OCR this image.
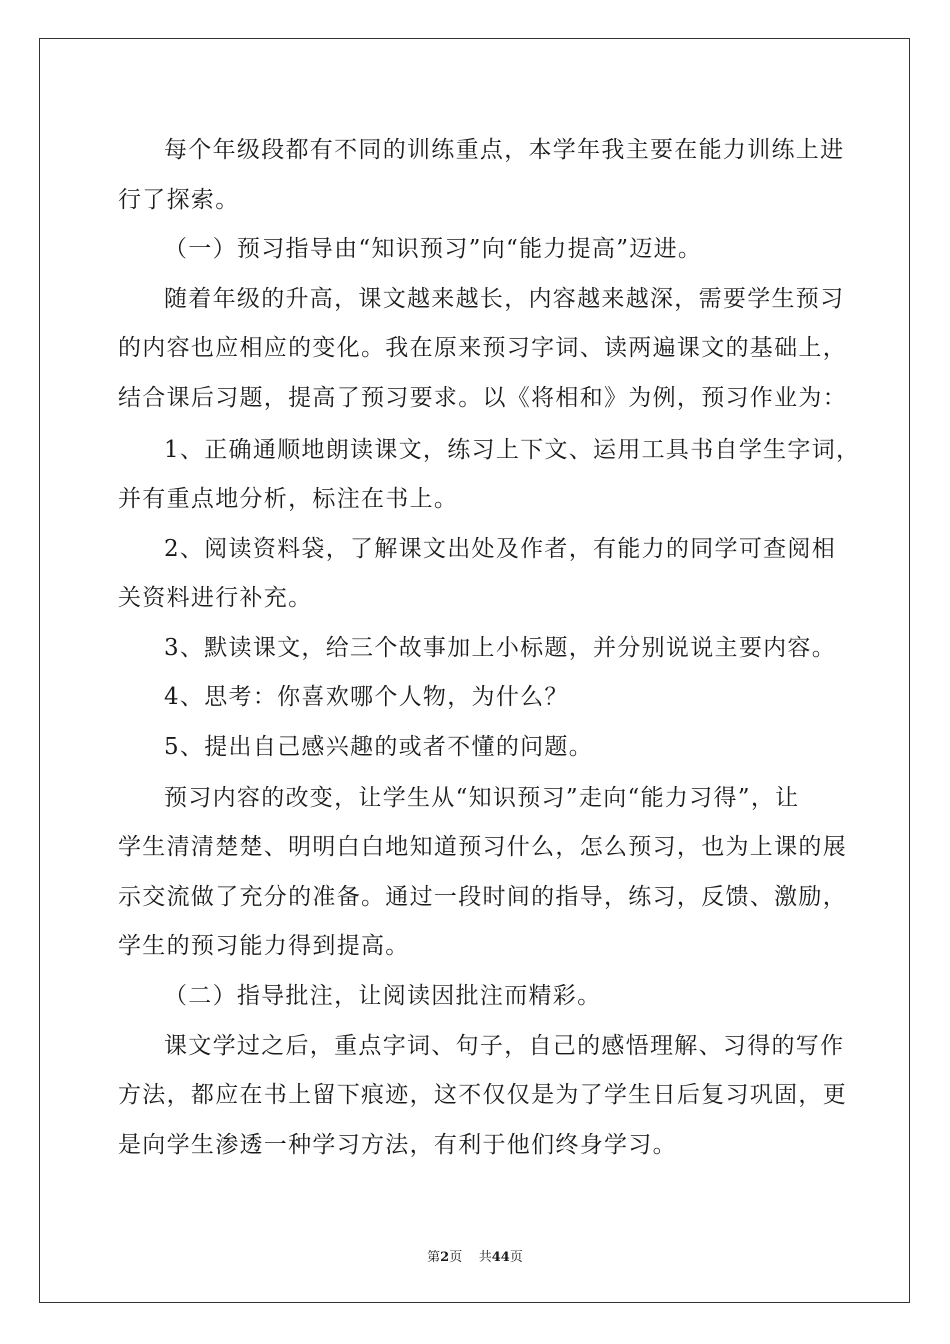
每个年级段都有不同的训练重点，本学年我主要在能力训练上进
行了探索。
（一）预习指导由“知识预习”向“能力提高”迈进。
随着年级的升高，课文越来越长，内容越来越深，需要学生预习
的内容也应相应的变化。我在原来预习字词、读两遍课文的基础上，
结合课后习题，提高了预习要求。以《将相和》为例，预习作业为：
1、正确通顺地朗读课文，练习上下文、运用工具书自学生字词，
并有重点地分析，标注在书上。
2、阅读资料袋，了解课文出处及作者，有能力的同学可查阅相
关资料进行补充。
3、默读课文，给三个故事加上小标题，并分别说说主要内容。
4、思考：你喜欢哪个人物，为什么？
5、提出自己感兴趣的或者不懂的问题。
预习内容的改变，让学生从“知识预习”走向“能力习得”，让
学生清清楚楚、明明白白地知道预习什么，怎么预习，也为上课的展
示交流做了充分的准备。通过一段时间的指导，练习，反馈、激励，
学生的预习能力得到提高。
（二）指导批注，让阅读因批注而精彩。
课文学过之后，重点字词、句子，自己的感悟理解、习得的写作
方法，都应在书上留下痕迹，这不仅仅是为了学生日后复习巩固，更
是向学生渗透一种学习方法，有利于他们终身学习。
第2页 共44页
